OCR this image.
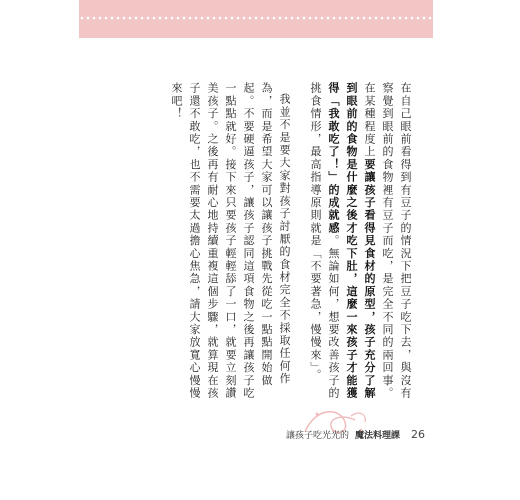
在自己眼前看得到有豆子的情況下把豆子吃下去，與沒有察覺到眼前的食物裡有豆子而吃，是完全不同的兩回事。在某種程度上要讓孩子看得見食材的原型，孩子充分了解到眼前的食物是什麼之後才吃下肚，這麼一來孩子才能獲得「我敢吃了！」的成就感。無論如何，想要改善孩子的挑食情形，最高指導原則就是「不要著急，慢慢來」。

我並不是要大家對孩子討厭的食材完全不採取任何作為，而是希望大家可以讓孩子挑戰先從吃一點點開始做起。不要硬逼孩子，讓孩子認同這項食物之後再讓孩子吃一點點就好。接下來只要孩子輕輕舔了一口，就要立刻讚美孩子。之後再有耐心地持續重複這個步驟，就算現在孩子還不敢吃，也不需要太過擔心焦急，請大家放寬心慢慢來吧！

讓孩子吃光光的 魔法料理課 26
